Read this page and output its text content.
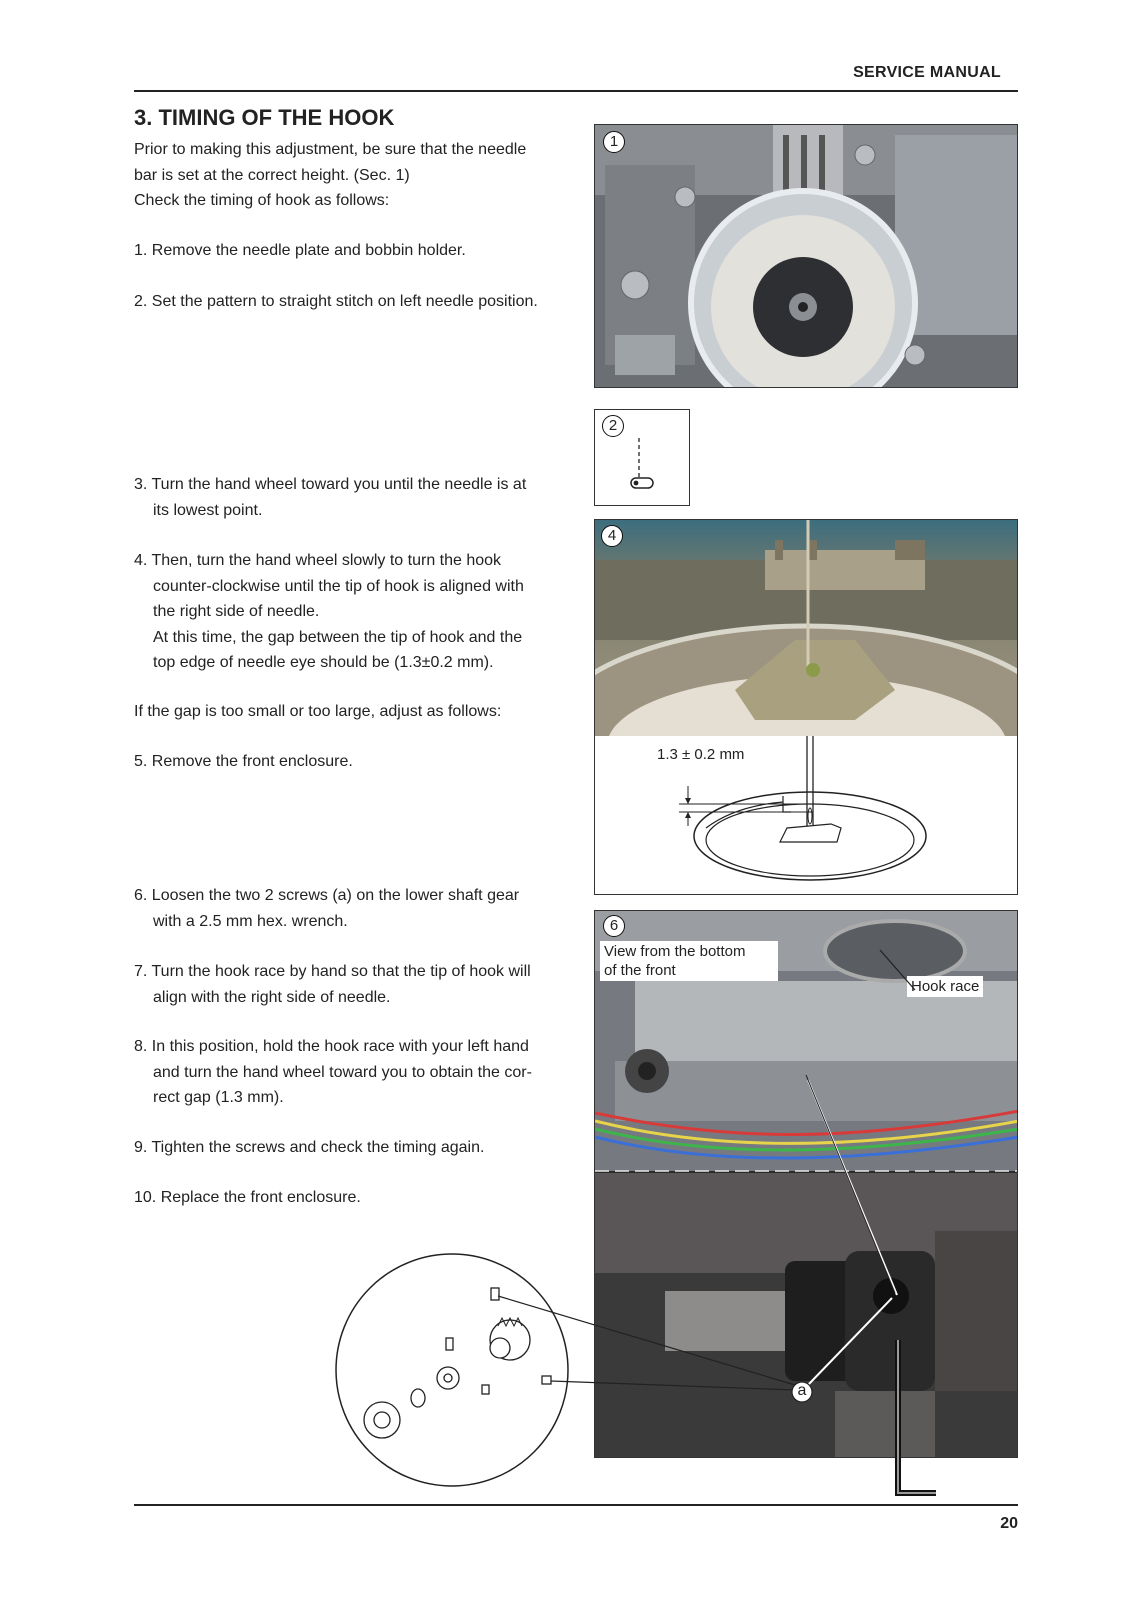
SERVICE MANUAL
3. TIMING OF THE HOOK
Prior to making this adjustment, be sure that the needle
bar is set at the correct height. (Sec. 1)
Check the timing of hook as follows:
1. Remove the needle plate and bobbin holder.
2. Set the pattern to straight stitch on left needle position.
3. Turn the hand wheel toward you until the needle is at
its lowest point.
4. Then, turn the hand wheel slowly to turn the hook
counter-clockwise until the tip of hook is aligned with
the right side of needle.
At this time, the gap between the tip of hook and the
top edge of needle eye should be (1.3±0.2 mm).
If the gap is too small or too large, adjust as follows:
5. Remove the front enclosure.
6. Loosen the two 2 screws (a) on the lower shaft gear
with a 2.5 mm hex. wrench.
7. Turn the hook race by hand so that the tip of hook will
align with the right side of needle.
8. In this position, hold the hook race with your left hand
and turn the hand wheel toward you to obtain the cor-
rect gap (1.3 mm).
9. Tighten the screws and check the timing again.
10. Replace the front enclosure.
1
2
4
1.3 ± 0.2 mm
6
View from the bottom
of the front
Hook race
a
20
